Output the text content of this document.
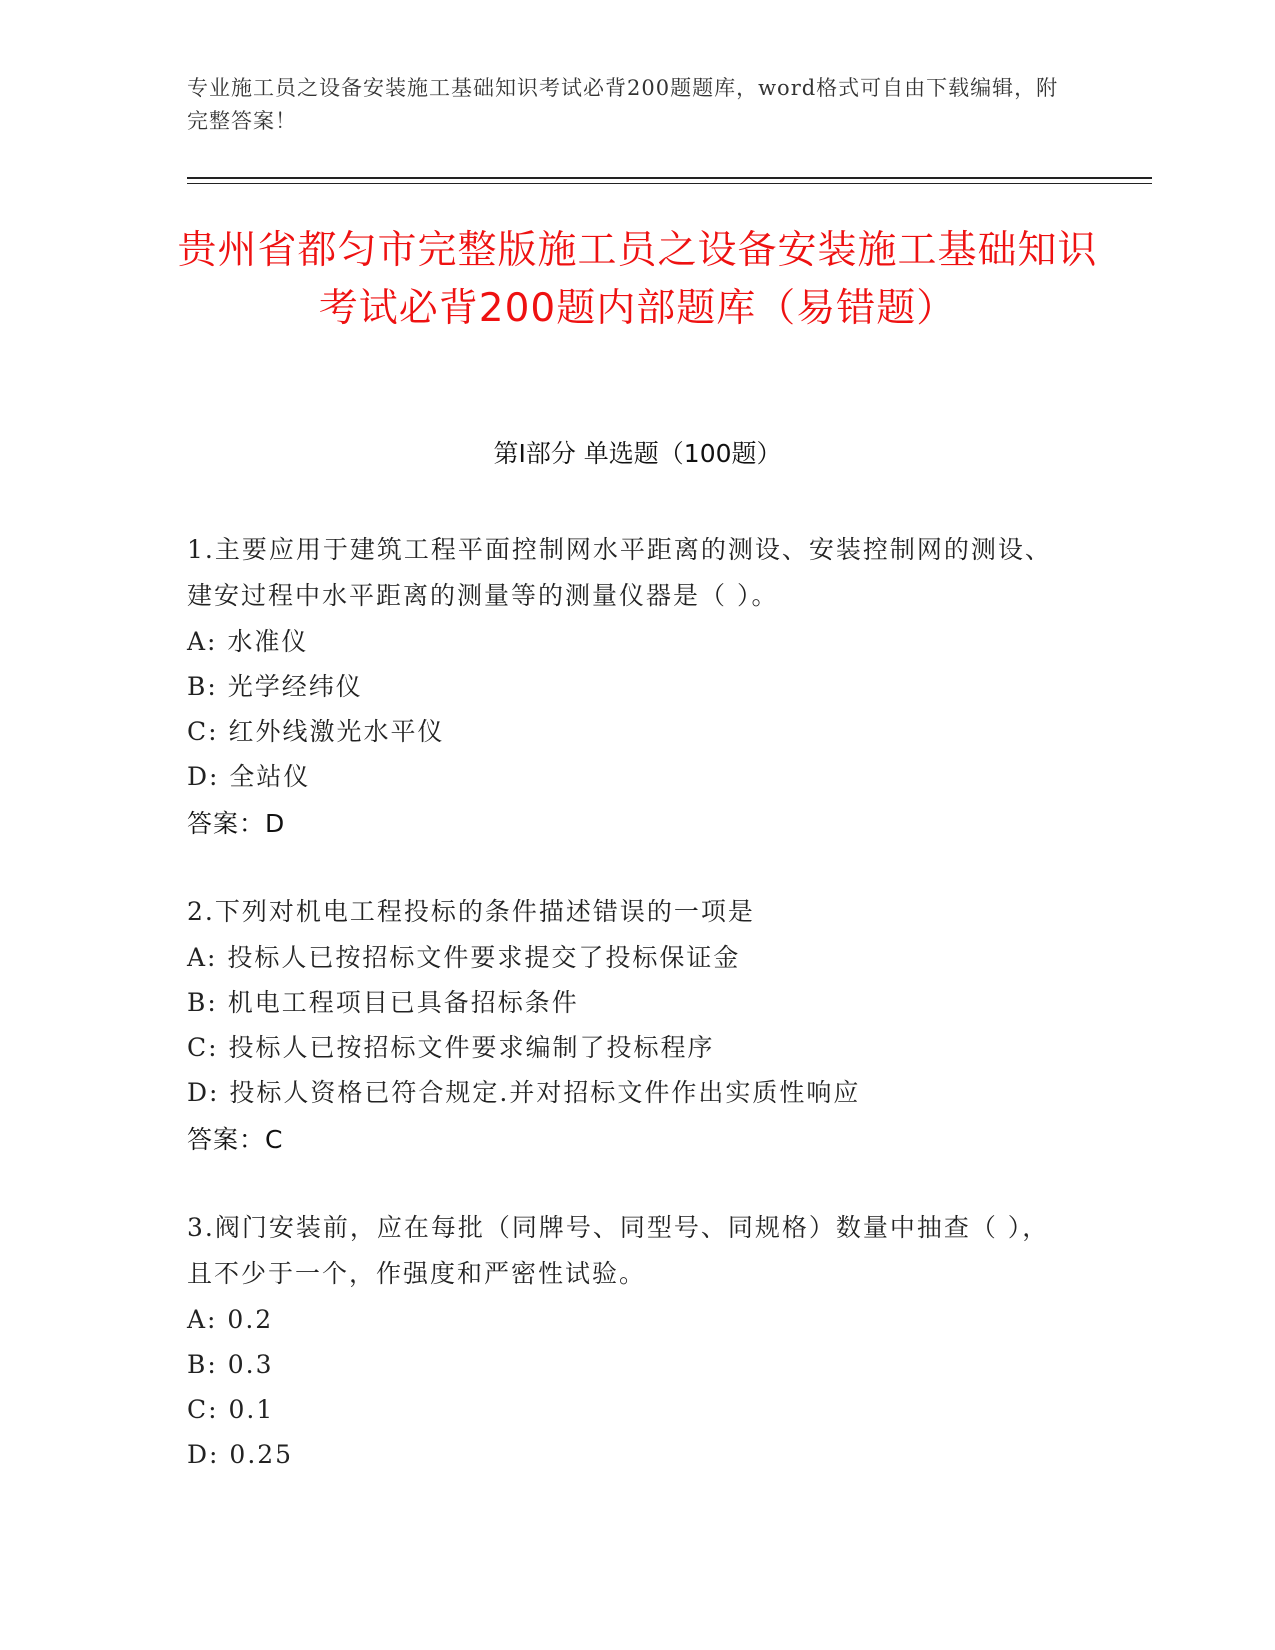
专业施工员之设备安装施工基础知识考试必背200题题库，word格式可自由下载编辑，附完整答案！
贵州省都匀市完整版施工员之设备安装施工基础知识考试必背200题内部题库（易错题）
第I部分 单选题（100题）
1.主要应用于建筑工程平面控制网水平距离的测设、安装控制网的测设、建安过程中水平距离的测量等的测量仪器是（ ）。
A: 水准仪
B: 光学经纬仪
C: 红外线激光水平仪
D: 全站仪
答案：D
2.下列对机电工程投标的条件描述错误的一项是
A: 投标人已按招标文件要求提交了投标保证金
B: 机电工程项目已具备招标条件
C: 投标人已按招标文件要求编制了投标程序
D: 投标人资格已符合规定.并对招标文件作出实质性响应
答案：C
3.阀门安装前，应在每批（同牌号、同型号、同规格）数量中抽查（ ），且不少于一个，作强度和严密性试验。
A: 0.2
B: 0.3
C: 0.1
D: 0.25
